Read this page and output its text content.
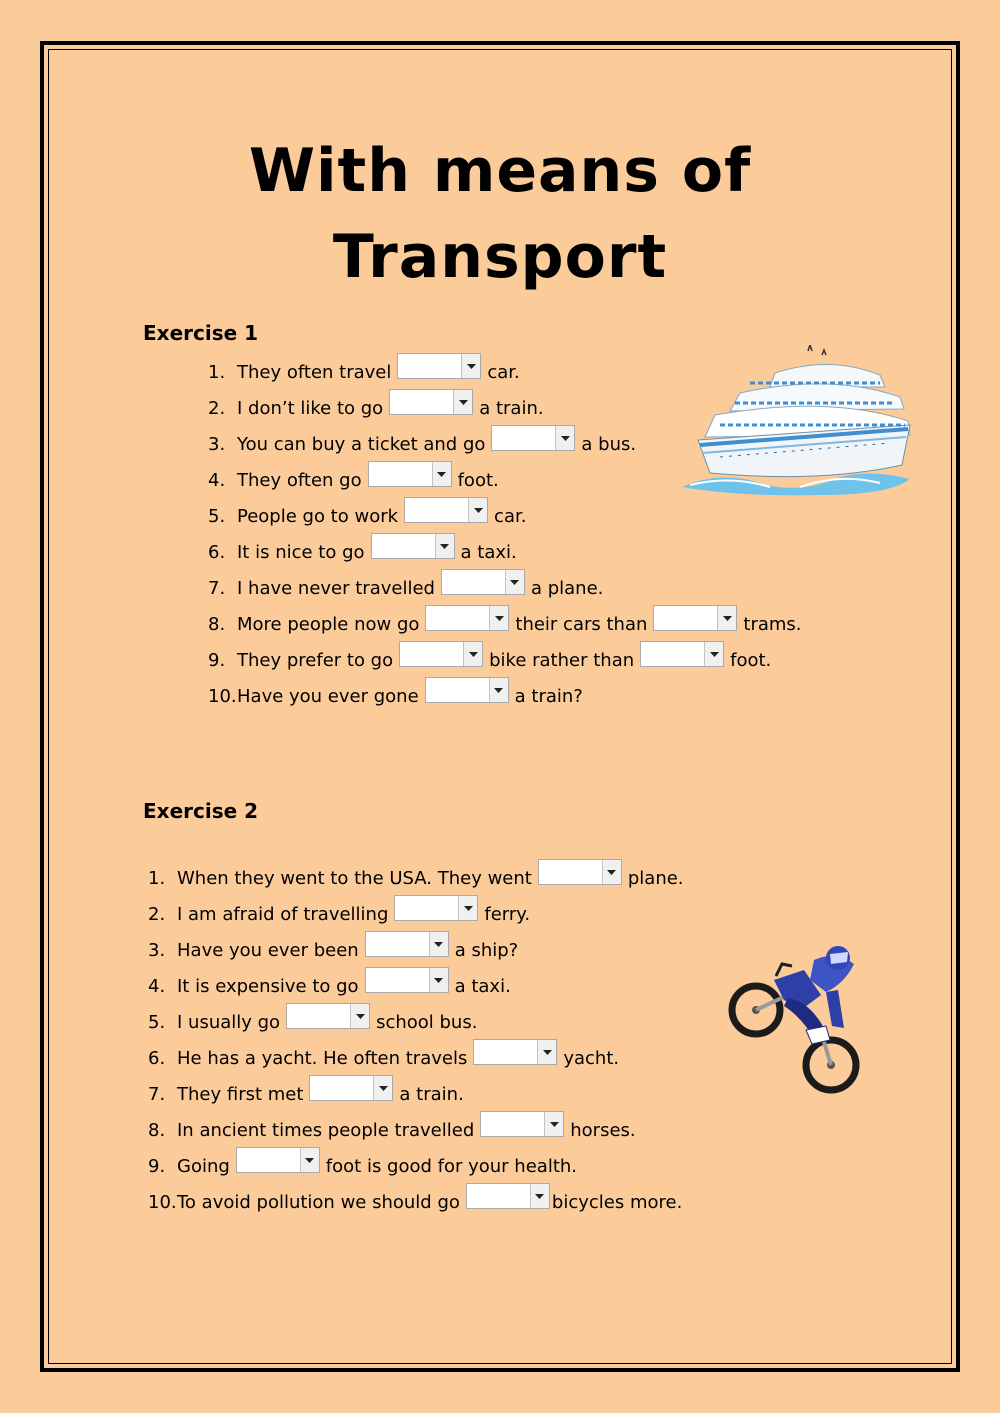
With means of
Transport
Exercise 1
1. They often travel	car.
2. I don’t like to go	a train.
3. You can buy a ticket and go	a bus.
4. They often go	foot.
5. People go to work	car.
6. It is nice to go	a taxi.
7. I have never travelled	a plane.
8. More people now go	their cars than	trams.
9. They prefer to go	bike rather than	foot.
10. Have you ever gone	a train?
Exercise 2
1. When they went to the USA. They went	plane.
2. I am afraid of travelling	ferry.
3. Have you ever been	a ship?
4. It is expensive to go	a taxi.
5. I usually go	school bus.
6. He has a yacht. He often travels	yacht.
7. They first met	a train.
8. In ancient times people travelled	horses.
9. Going	foot is good for your health.
10. To avoid pollution we should go	bicycles more.
